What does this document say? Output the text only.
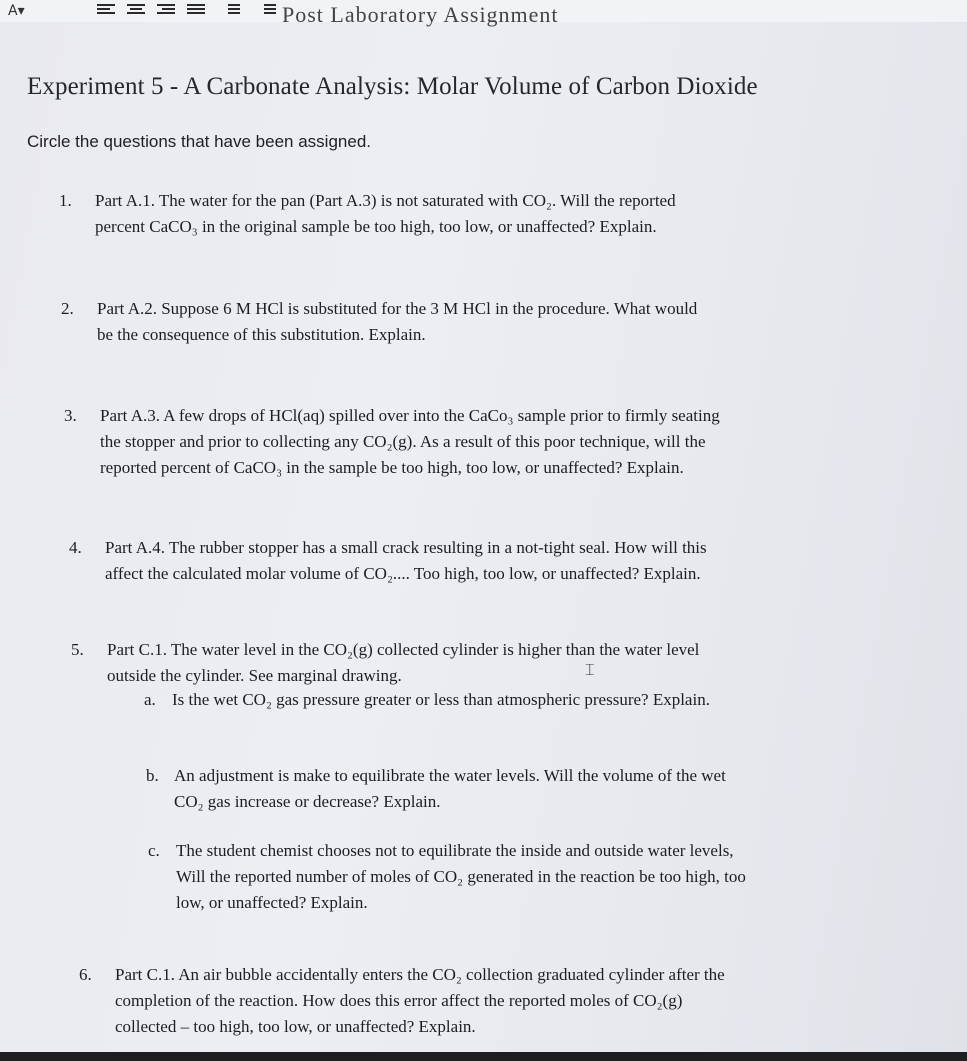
A▾	Post Laboratory Assignment
Experiment 5 - A Carbonate Analysis: Molar Volume of Carbon Dioxide
Circle the questions that have been assigned.
1. Part A.1. The water for the pan (Part A.3) is not saturated with CO₂. Will the reported
percent CaCO₃ in the original sample be too high, too low, or unaffected? Explain.
2. Part A.2. Suppose 6 M HCl is substituted for the 3 M HCl in the procedure. What would
be the consequence of this substitution. Explain.
3. Part A.3. A few drops of HCl(aq) spilled over into the CaCo₃ sample prior to firmly seating
the stopper and prior to collecting any CO₂(g). As a result of this poor technique, will the
reported percent of CaCO₃ in the sample be too high, too low, or unaffected? Explain.
4. Part A.4. The rubber stopper has a small crack resulting in a not-tight seal. How will this
affect the calculated molar volume of CO₂.... Too high, too low, or unaffected? Explain.
5. Part C.1. The water level in the CO₂(g) collected cylinder is higher than the water level
outside the cylinder. See marginal drawing.
a. Is the wet CO₂ gas pressure greater or less than atmospheric pressure? Explain.
b. An adjustment is make to equilibrate the water levels. Will the volume of the wet
CO₂ gas increase or decrease? Explain.
c. The student chemist chooses not to equilibrate the inside and outside water levels,
Will the reported number of moles of CO₂ generated in the reaction be too high, too
low, or unaffected? Explain.
6. Part C.1. An air bubble accidentally enters the CO₂ collection graduated cylinder after the
completion of the reaction. How does this error affect the reported moles of CO₂(g)
collected – too high, too low, or unaffected? Explain.
⌶
